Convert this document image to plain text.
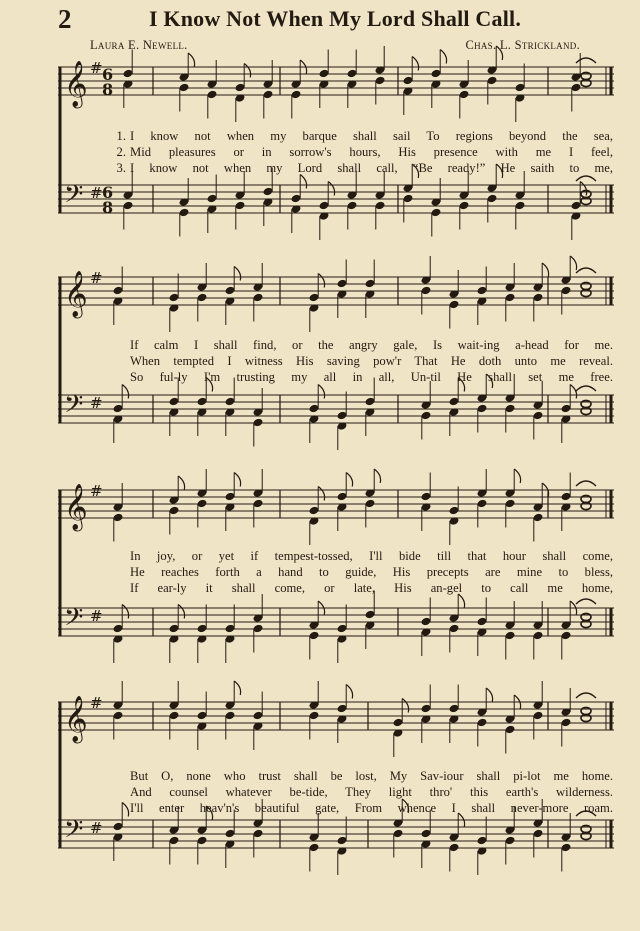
2	I Know Not When My Lord Shall Call.
Laura E. Newell.	Chas. L. Strickland.
𝄞 # 6
8
𝄢 # 6
8
1. I know not when my barque shall sail To regions beyond the sea,
2. Mid pleasures or in sorrow's hours, His presence with me I feel,
3. I know not when my Lord shall call, “Be ready!” He saith to me,
𝄞 #
𝄢 #
If calm I shall find, or the angry gale, Is wait-ing a-head for me.
When tempted I witness His saving pow'r That He doth unto me reveal.
So ful-ly I'm trusting my all in all, Un-til He shall set me free.
𝄞 #
𝄢 #
In joy, or yet if tempest-tossed, I'll bide till that hour shall come,
He reaches forth a hand to guide, His precepts are mine to bless,
If ear-ly it shall come, or late, His an-gel to call me home,
𝄞 #
𝄢 #
But O, none who trust shall be lost, My Sav-iour shall pi-lot me home.
And counsel whatever be-tide, They light thro' this earth's wilderness.
I'll enter heav'n's beautiful gate, From whence I shall never-more roam.
